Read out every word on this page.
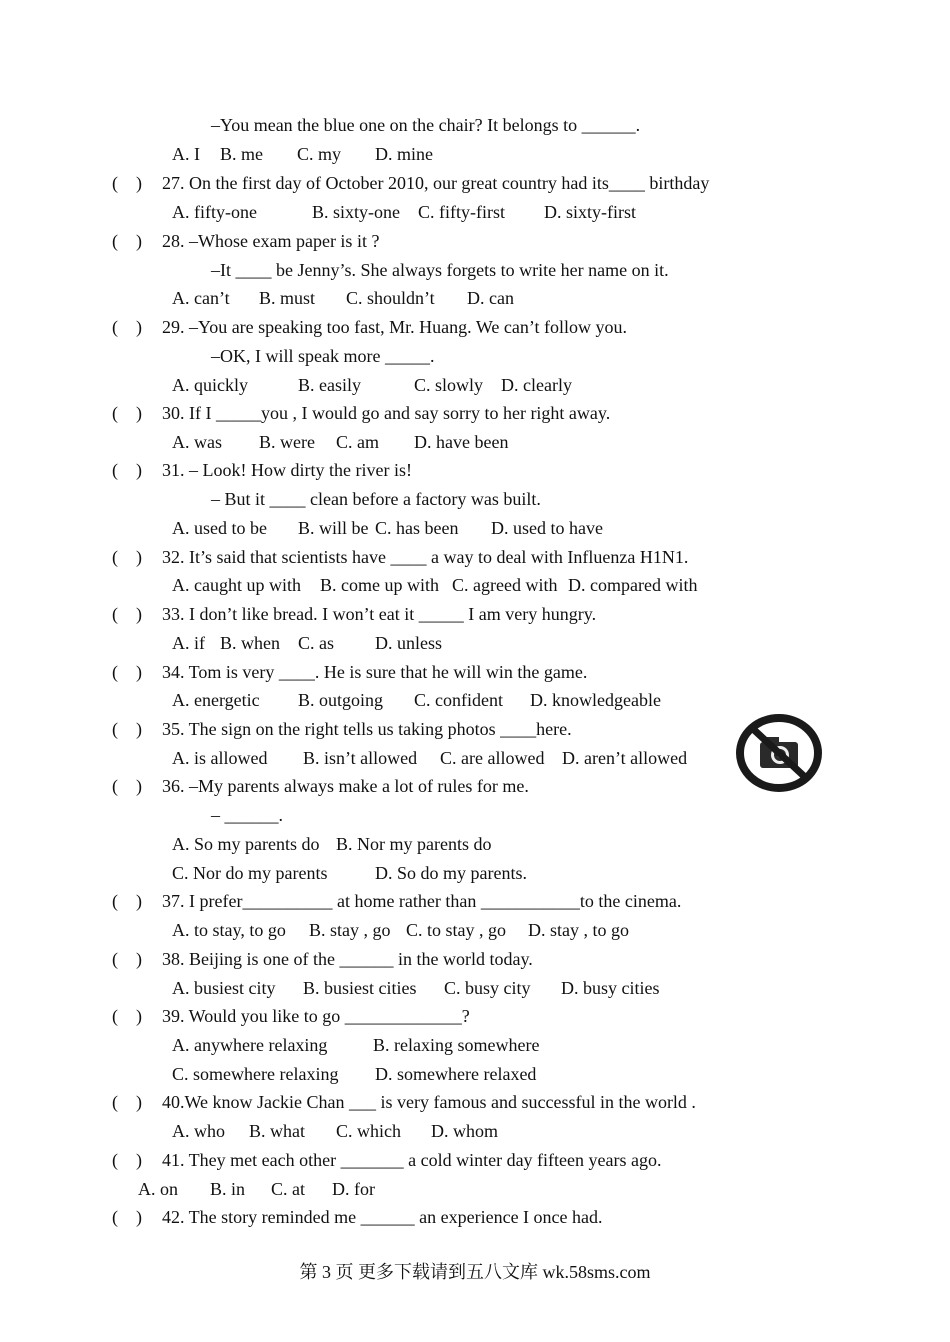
–You mean the blue one on the chair? It belongs to ______.
A. I B. me C. my D. mine
(    ) 27. On the first day of October 2010, our great country had its____ birthday
A. fifty-one	B. sixty-one C. fifty-first D. sixty-first
(    ) 28. –Whose exam paper is it ?
–It ____ be Jenny’s. She always forgets to write her name on it.
A. can’t B. must C. shouldn’t D. can
(    ) 29. –You are speaking too fast, Mr. Huang. We can’t follow you.
–OK, I will speak more _____.
A. quickly	B. easily	C. slowly D. clearly
(    ) 30. If I _____you , I would go and say sorry to her right away.
A. was B. were C. am D. have been
(    ) 31. – Look! How dirty the river is!
– But it ____ clean before a factory was built.
A. used to be B. will be C. has been D. used to have
(    ) 32. It’s said that scientists have ____ a way to deal with Influenza H1N1.
A. caught up with B. come up with C. agreed with D. compared with
(    ) 33. I don’t like bread. I won’t eat it _____ I am very hungry.
A. if B. when C. as D. unless
(    ) 34. Tom is very ____. He is sure that he will win the game.
A. energetic B. outgoing C. confident D. knowledgeable
(    ) 35. The sign on the right tells us taking photos ____here.
A. is allowed B. isn’t allowed C. are allowed D. aren’t allowed
(    ) 36. –My parents always make a lot of rules for me.
– ______.
A. So my parents do B. Nor my parents do
C. Nor do my parents	D. So do my parents.
(    ) 37. I prefer__________ at home rather than ___________to the cinema.
A. to stay, to go B. stay , go C. to stay , go D. stay , to go
(    ) 38. Beijing is one of the ______ in the world today.
A. busiest city B. busiest cities C. busy city D. busy cities
(    ) 39. Would you like to go _____________?
A. anywhere relaxing	B. relaxing somewhere
C. somewhere relaxing D. somewhere relaxed
(    ) 40.We know Jackie Chan ___ is very famous and successful in the world .
A. who B. what C. which D. whom
(    ) 41. They met each other _______ a cold winter day fifteen years ago.
A. on B. in C. at D. for
(    ) 42. The story reminded me ______ an experience I once had.
第 3 页 更多下载请到五八文库 wk.58sms.com
